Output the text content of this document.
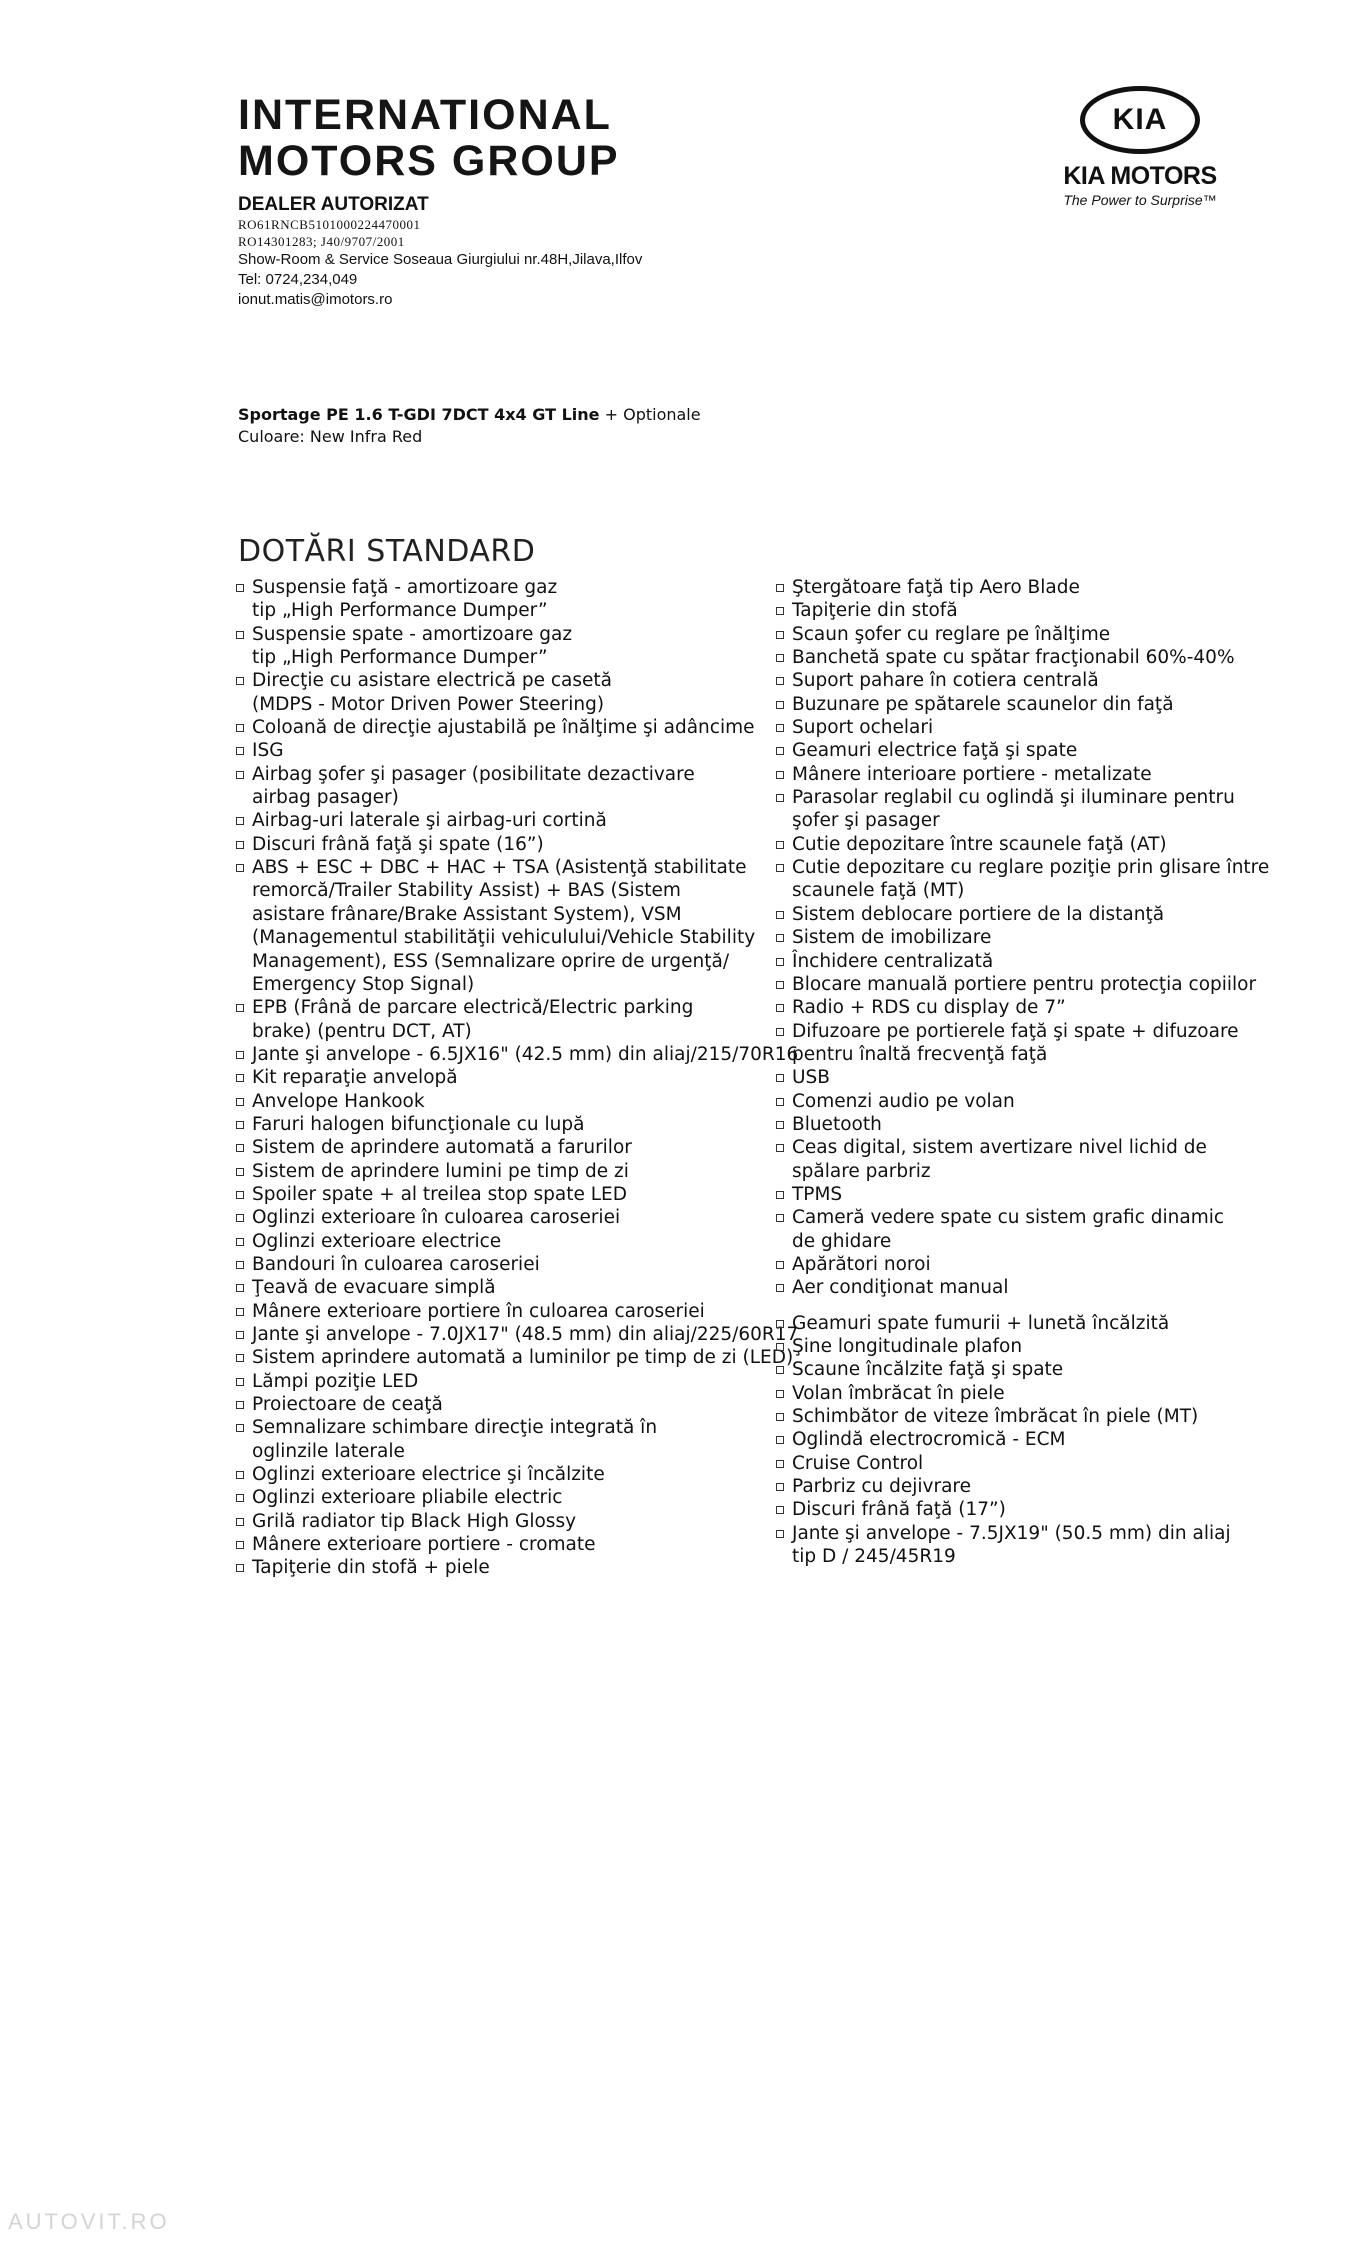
INTERNATIONAL
MOTORS GROUP
DEALER AUTORIZAT
RO61RNCB5101000224470001
RO14301283; J40/9707/2001
Show-Room & Service Soseaua Giurgiului nr.48H,Jilava,Ilfov
Tel: 0724,234,049
ionut.matis@imotors.ro
KIA
KIA MOTORS
The Power to Surprise™
Sportage PE 1.6 T-GDI 7DCT 4x4 GT Line + Optionale
Culoare: New Infra Red
DOTĂRI STANDARD
Suspensie faţă - amortizoare gaz
tip „High Performance Dumper”
Suspensie spate - amortizoare gaz
tip „High Performance Dumper”
Direcţie cu asistare electrică pe casetă
(MDPS - Motor Driven Power Steering)
Coloană de direcţie ajustabilă pe înălţime şi adâncime
ISG
Airbag şofer şi pasager (posibilitate dezactivare
airbag pasager)
Airbag-uri laterale şi airbag-uri cortină
Discuri frână faţă şi spate (16”)
ABS + ESC + DBC + HAC + TSA (Asistenţă stabilitate
remorcă/Trailer Stability Assist) + BAS (Sistem
asistare frânare/Brake Assistant System), VSM
(Managementul stabilităţii vehiculului/Vehicle Stability
Management), ESS (Semnalizare oprire de urgenţă/
Emergency Stop Signal)
EPB (Frână de parcare electrică/Electric parking
brake) (pentru DCT, AT)
Jante şi anvelope - 6.5JX16" (42.5 mm) din aliaj/215/70R16
Kit reparaţie anvelopă
Anvelope Hankook
Faruri halogen bifuncţionale cu lupă
Sistem de aprindere automată a farurilor
Sistem de aprindere lumini pe timp de zi
Spoiler spate + al treilea stop spate LED
Oglinzi exterioare în culoarea caroseriei
Oglinzi exterioare electrice
Bandouri în culoarea caroseriei
Ţeavă de evacuare simplă
Mânere exterioare portiere în culoarea caroseriei
Jante şi anvelope - 7.0JX17" (48.5 mm) din aliaj/225/60R17
Sistem aprindere automată a luminilor pe timp de zi (LED)
Lămpi poziţie LED
Proiectoare de ceaţă
Semnalizare schimbare direcţie integrată în
oglinzile laterale
Oglinzi exterioare electrice şi încălzite
Oglinzi exterioare pliabile electric
Grilă radiator tip Black High Glossy
Mânere exterioare portiere - cromate
Tapiţerie din stofă + piele
Ştergătoare faţă tip Aero Blade
Tapiţerie din stofă
Scaun şofer cu reglare pe înălţime
Banchetă spate cu spătar fracţionabil 60%-40%
Suport pahare în cotiera centrală
Buzunare pe spătarele scaunelor din faţă
Suport ochelari
Geamuri electrice faţă şi spate
Mânere interioare portiere - metalizate
Parasolar reglabil cu oglindă şi iluminare pentru
şofer şi pasager
Cutie depozitare între scaunele faţă (AT)
Cutie depozitare cu reglare poziţie prin glisare între
scaunele faţă (MT)
Sistem deblocare portiere de la distanţă
Sistem de imobilizare
Închidere centralizată
Blocare manuală portiere pentru protecţia copiilor
Radio + RDS cu display de 7”
Difuzoare pe portierele faţă şi spate + difuzoare
pentru înaltă frecvenţă faţă
USB
Comenzi audio pe volan
Bluetooth
Ceas digital, sistem avertizare nivel lichid de
spălare parbriz
TPMS
Cameră vedere spate cu sistem grafic dinamic
de ghidare
Apărători noroi
Aer condiţionat manual
Geamuri spate fumurii + lunetă încălzită
Şine longitudinale plafon
Scaune încălzite faţă şi spate
Volan îmbrăcat în piele
Schimbător de viteze îmbrăcat în piele (MT)
Oglindă electrocromică - ECM
Cruise Control
Parbriz cu dejivrare
Discuri frână faţă (17”)
Jante şi anvelope - 7.5JX19" (50.5 mm) din aliaj
tip D / 245/45R19
AUTOVIT.RO
